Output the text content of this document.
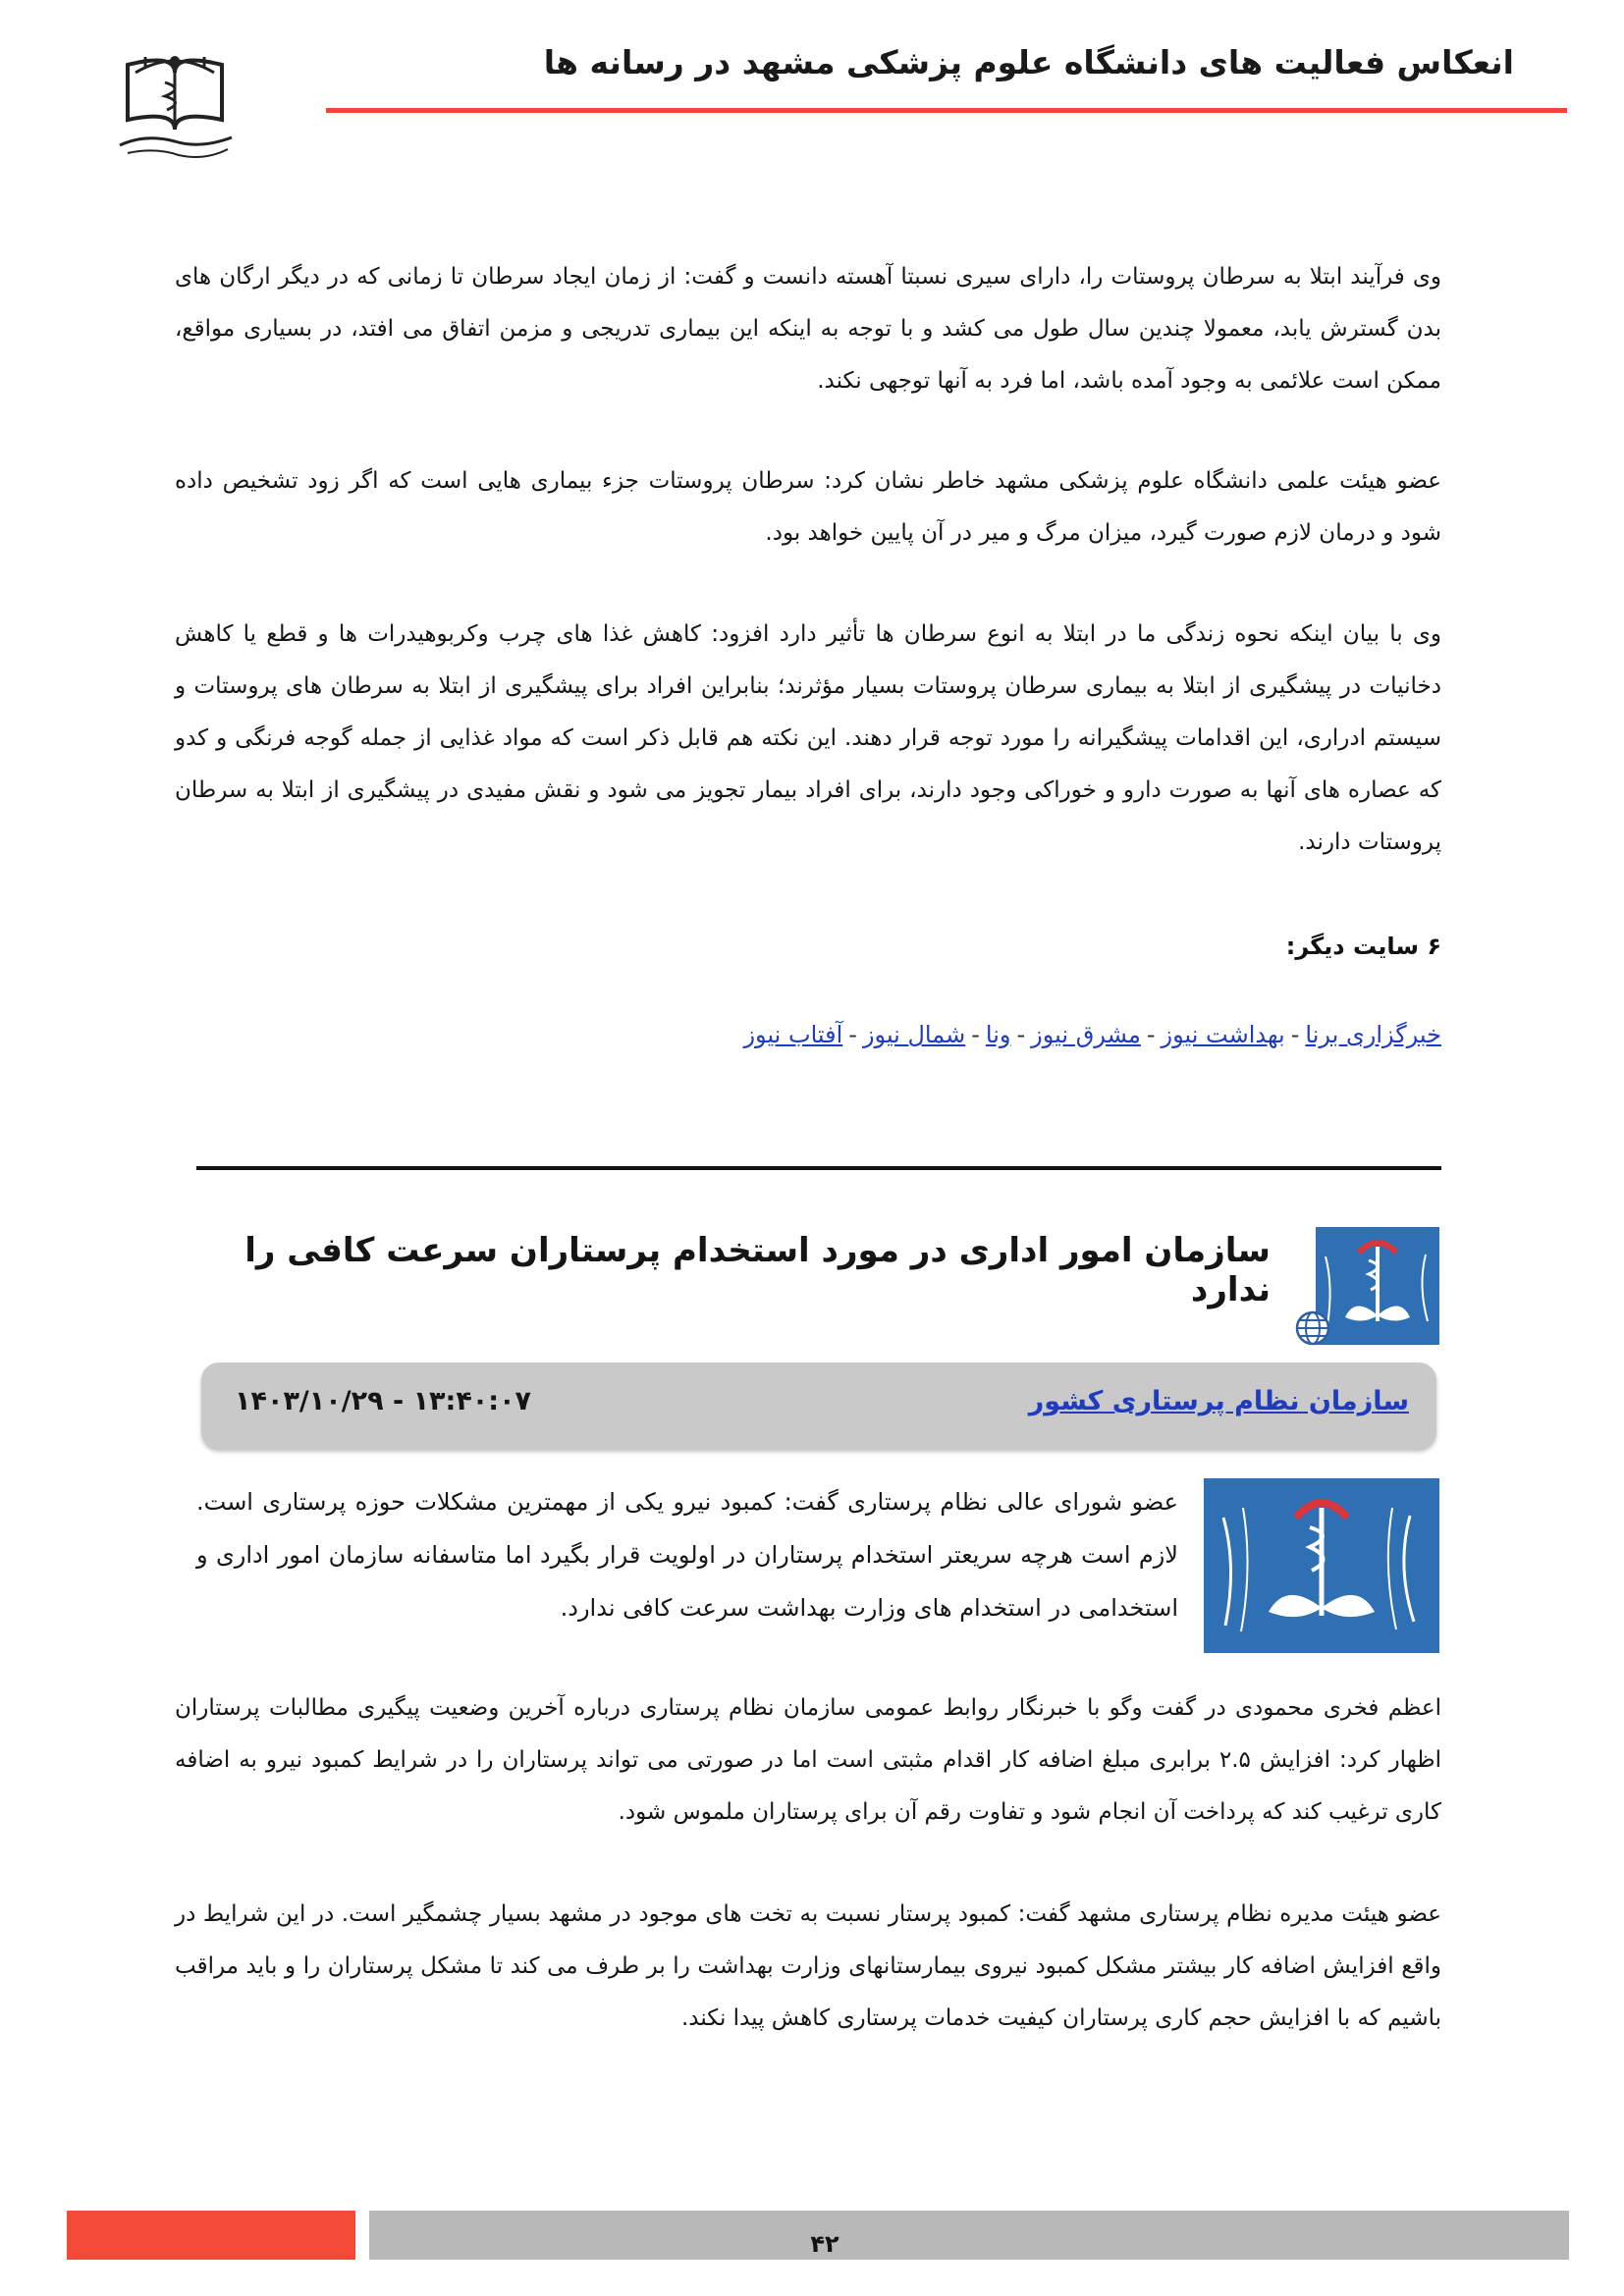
انعکاس فعالیت های دانشگاه علوم پزشکی مشهد در رسانه ها
وی فرآیند ابتلا به سرطان پروستات را، دارای سیری نسبتا آهسته دانست و گفت: از زمان ایجاد سرطان تا زمانی که در دیگر ارگان های بدن گسترش یابد، معمولا چندین سال طول می کشد و با توجه به اینکه این بیماری تدریجی و مزمن اتفاق می افتد، در بسیاری مواقع، ممکن است علائمی به وجود آمده باشد، اما فرد به آنها توجهی نکند.
عضو هیئت علمی دانشگاه علوم پزشکی مشهد خاطر نشان کرد: سرطان پروستات جزء بیماری هایی است که اگر زود تشخیص داده شود و درمان لازم صورت گیرد، میزان مرگ و میر در آن پایین خواهد بود.
وی با بیان اینکه نحوه زندگی ما در ابتلا به انوع سرطان ها تأثیر دارد افزود: کاهش غذا های چرب وکربوهیدرات ها و قطع یا کاهش دخانیات در پیشگیری از ابتلا به بیماری سرطان پروستات بسیار مؤثرند؛ بنابراین افراد برای پیشگیری از ابتلا به سرطان های پروستات و سیستم ادراری، این اقدامات پیشگیرانه را مورد توجه قرار دهند. این نکته هم قابل ذکر است که مواد غذایی از جمله گوجه فرنگی و کدو که عصاره های آنها به صورت دارو و خوراکی وجود دارند، برای افراد بیمار تجویز می شود و نقش مفیدی در پیشگیری از ابتلا به سرطان پروستات دارند.
۶ سایت دیگر:
خبرگزاری برنا-بهداشت نیوز-مشرق نیوز-ونا-شمال نیوز-آفتاب نیوز
سازمان امور اداری در مورد استخدام پرستاران سرعت کافی را ندارد
سازمان نظام پرستاری کشور
۱۴۰۳/۱۰/۲۹ - ۱۳:۴۰:۰۷
عضو شورای عالی نظام پرستاری گفت: کمبود نیرو یکی از مهمترین مشکلات حوزه پرستاری است. لازم است هرچه سریعتر استخدام پرستاران در اولویت قرار بگیرد اما متاسفانه سازمان امور اداری و استخدامی در استخدام های وزارت بهداشت سرعت کافی ندارد.
اعظم فخری محمودی در گفت وگو با خبرنگار روابط عمومی سازمان نظام پرستاری درباره آخرین وضعیت پیگیری مطالبات پرستاران اظهار کرد: افزایش ۲.۵ برابری مبلغ اضافه کار اقدام مثبتی است اما در صورتی می تواند پرستاران را در شرایط کمبود نیرو به اضافه کاری ترغیب کند که پرداخت آن انجام شود و تفاوت رقم آن برای پرستاران ملموس شود.
عضو هیئت مدیره نظام پرستاری مشهد گفت: کمبود پرستار نسبت به تخت های موجود در مشهد بسیار چشمگیر است. در این شرایط در واقع افزایش اضافه کار بیشتر مشکل کمبود نیروی بیمارستانهای وزارت بهداشت را بر طرف می کند تا مشکل پرستاران را و باید مراقب باشیم که با افزایش حجم کاری پرستاران کیفیت خدمات پرستاری کاهش پیدا نکند.
۴۲
